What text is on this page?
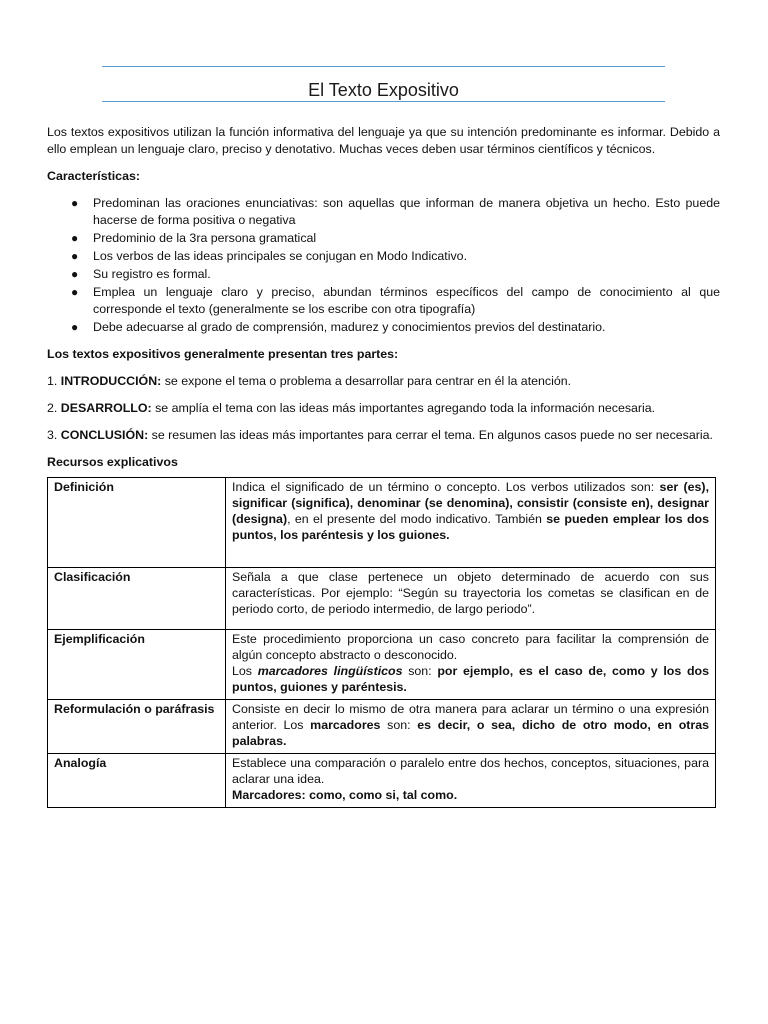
El Texto Expositivo

Los textos expositivos utilizan la función informativa del lenguaje ya que su intención predominante es informar. Debido a ello emplean un lenguaje claro, preciso y denotativo. Muchas veces deben usar términos científicos y técnicos.

Características:

● Predominan las oraciones enunciativas: son aquellas que informan de manera objetiva un hecho. Esto puede hacerse de forma positiva o negativa
● Predominio de la 3ra persona gramatical
● Los verbos de las ideas principales se conjugan en Modo Indicativo.
● Su registro es formal.
● Emplea un lenguaje claro y preciso, abundan términos específicos del campo de conocimiento al que corresponde el texto (generalmente se los escribe con otra tipografía)
● Debe adecuarse al grado de comprensión, madurez y conocimientos previos del destinatario.

Los textos expositivos generalmente presentan tres partes:

1. INTRODUCCIÓN: se expone el tema o problema a desarrollar para centrar en él la atención.

2. DESARROLLO: se amplía el tema con las ideas más importantes agregando toda la información necesaria.

3. CONCLUSIÓN: se resumen las ideas más importantes para cerrar el tema. En algunos casos puede no ser necesaria.

Recursos explicativos

Definición	Indica el significado de un término o concepto. Los verbos utilizados son: ser (es), significar (significa), denominar (se denomina), consistir (consiste en), designar (designa), en el presente del modo indicativo. También se pueden emplear los dos puntos, los paréntesis y los guiones.
Clasificación	Señala a que clase pertenece un objeto determinado de acuerdo con sus características. Por ejemplo: “Según su trayectoria los cometas se clasifican en de periodo corto, de periodo intermedio, de largo periodo”.
Ejemplificación	Este procedimiento proporciona un caso concreto para facilitar la comprensión de algún concepto abstracto o desconocido.
Los marcadores lingüísticos son: por ejemplo, es el caso de, como y los dos puntos, guiones y paréntesis.
Reformulación o paráfrasis	Consiste en decir lo mismo de otra manera para aclarar un término o una expresión anterior. Los marcadores son: es decir, o sea, dicho de otro modo, en otras palabras.
Analogía	Establece una comparación o paralelo entre dos hechos, conceptos, situaciones, para aclarar una idea.
Marcadores: como, como si, tal como.
